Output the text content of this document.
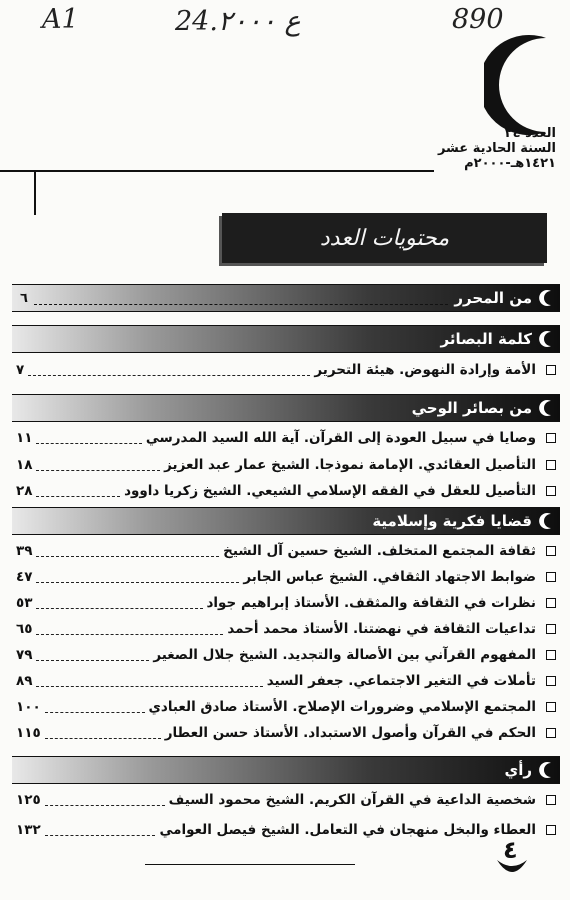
A1	24.ع ٢٠٠٠	890
العدد ٢٤
السنة الحادية عشر
١٤٢١هـ-٢٠٠٠م
محتويات العدد
من المحرر
٦
كلمة البصائر
الأمة وإرادة النهوض. هيئة التحرير
٧
من بصائر الوحي
وصايا في سبيل العودة إلى القرآن. آية الله السيد المدرسي
١١
التأصيل العقائدي. الإمامة نموذجا. الشيخ عمار عبد العزيز
١٨
التأصيل للعقل في الفقه الإسلامي الشيعي. الشيخ زكريا داوود
٢٨
قضايا فكرية وإسلامية
ثقافة المجتمع المتخلف. الشيخ حسين آل الشيخ
٣٩
ضوابط الاجتهاد الثقافي. الشيخ عباس الجابر
٤٧
نظرات في الثقافة والمثقف. الأستاذ إبراهيم جواد
٥٣
تداعيات الثقافة في نهضتنا. الأستاذ محمد أحمد
٦٥
المفهوم القرآني بين الأصالة والتجديد. الشيخ جلال الصغير
٧٩
تأملات في التغير الاجتماعي. جعفر السيد
٨٩
المجتمع الإسلامي وضرورات الإصلاح. الأستاذ صادق العبادي
١٠٠
الحكم في القرآن وأصول الاستبداد. الأستاذ حسن العطار
١١٥
رأي
شخصية الداعية في القرآن الكريم. الشيخ محمود السيف
١٢٥
العطاء والبخل منهجان في التعامل. الشيخ فيصل العوامي
١٣٢
٤
